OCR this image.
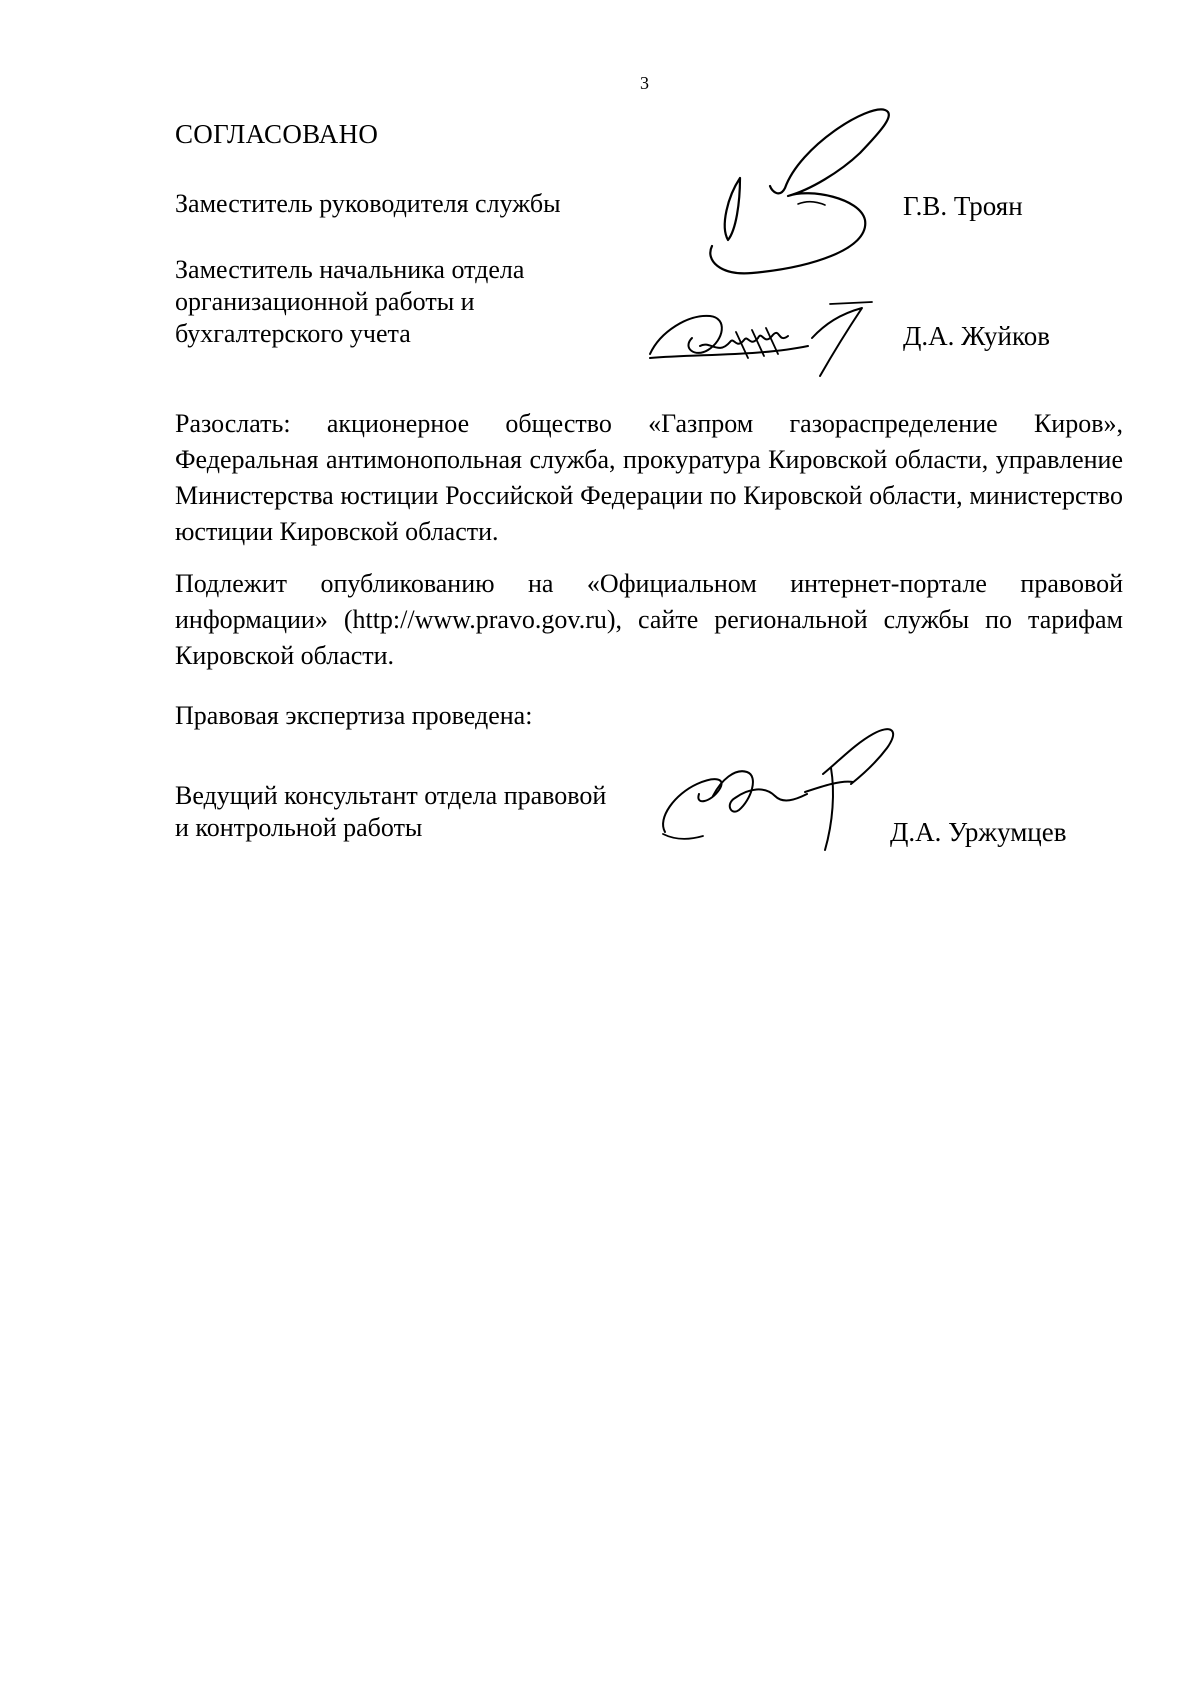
3
СОГЛАСОВАНО
Заместитель руководителя службы	Г.В. Троян
Заместитель начальника отдела
организационной работы и
бухгалтерского учета	Д.А. Жуйков

Разослать: акционерное общество «Газпром газораспределение Киров», Федеральная антимонопольная служба, прокуратура Кировской области, управление Министерства юстиции Российской Федерации по Кировской области, министерство юстиции Кировской области.

Подлежит опубликованию на «Официальном интернет-портале правовой информации» (http://www.pravo.gov.ru), сайте региональной службы по тарифам Кировской области.

Правовая экспертиза проведена:
Ведущий консультант отдела правовой
и контрольной работы	Д.А. Уржумцев
